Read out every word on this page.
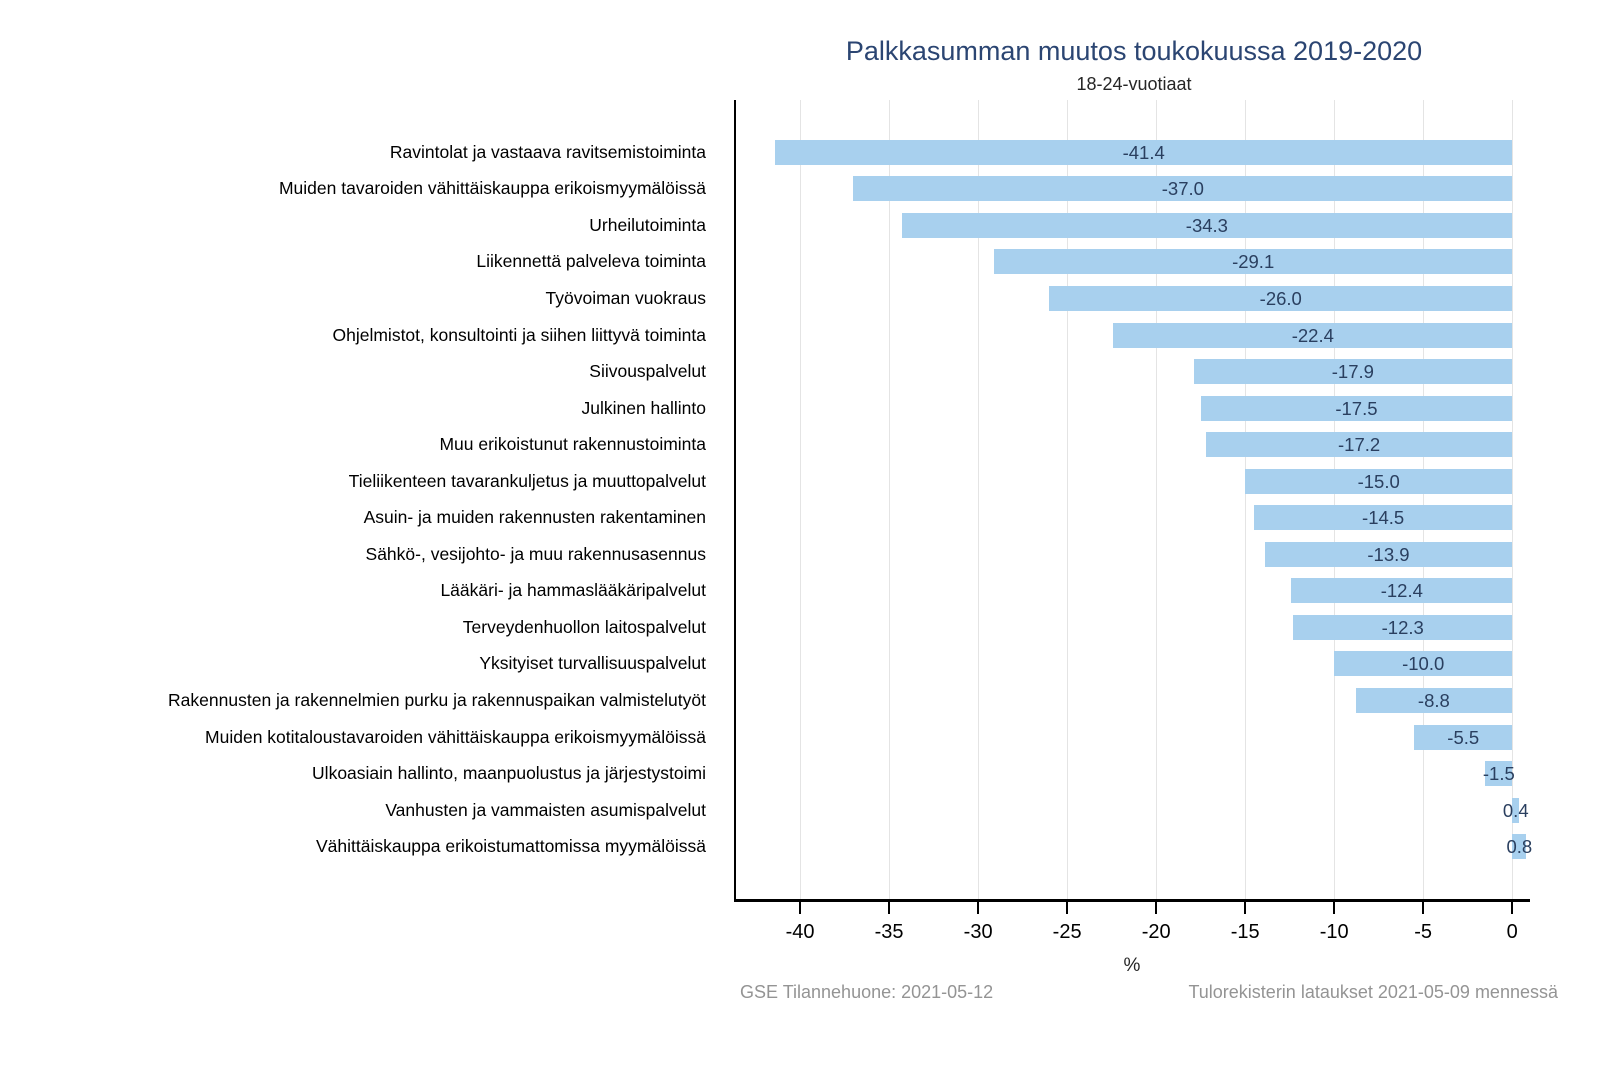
Palkkasumman muutos toukokuussa 2019-2020
18-24-vuotiaat
Ravintolat ja vastaava ravitsemistoiminta
Muiden tavaroiden vähittäiskauppa erikoismyymälöissä
Urheilutoiminta
Liikennettä palveleva toiminta
Työvoiman vuokraus
Ohjelmistot, konsultointi ja siihen liittyvä toiminta
Siivouspalvelut
Julkinen hallinto
Muu erikoistunut rakennustoiminta
Tieliikenteen tavarankuljetus ja muuttopalvelut
Asuin- ja muiden rakennusten rakentaminen
Sähkö-, vesijohto- ja muu rakennusasennus
Lääkäri- ja hammaslääkäripalvelut
Terveydenhuollon laitospalvelut
Yksityiset turvallisuuspalvelut
Rakennusten ja rakennelmien purku ja rakennuspaikan valmistelutyöt
Muiden kotitaloustavaroiden vähittäiskauppa erikoismyymälöissä
Ulkoasiain hallinto, maanpuolustus ja järjestystoimi
Vanhusten ja vammaisten asumispalvelut
Vähittäiskauppa erikoistumattomissa myymälöissä
-40	-35	-30	-25	-20	-15	-10	-5	0
-41.4
-37.0
-34.3
-29.1
-26.0
-22.4
-17.9
-17.5
-17.2
-15.0
-14.5
-13.9
-12.4
-12.3
-10.0
-8.8
-5.5
-1.5
0.4
0.8
%
GSE Tilannehuone: 2021-05-12	Tulorekisterin lataukset 2021-05-09 mennessä
